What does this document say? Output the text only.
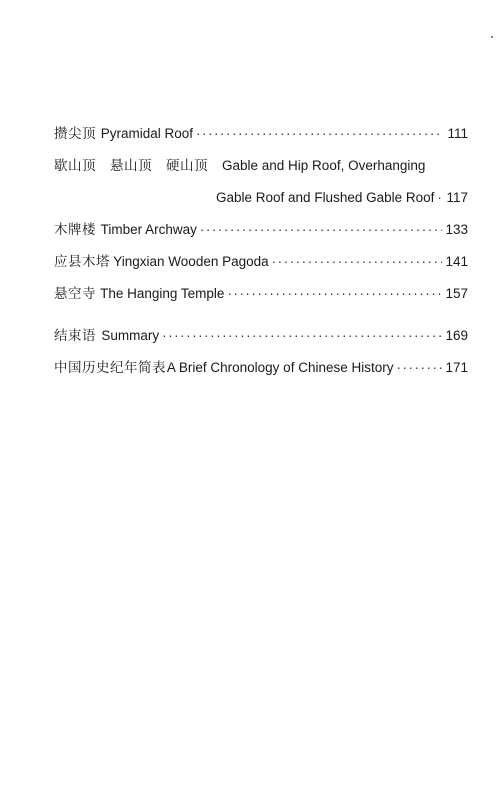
攒尖顶 Pyramidal Roof ·····	111
歇山顶　悬山顶　硬山顶 Gable and Hip Roof, Overhanging
Gable Roof and Flushed Gable Roof ····· 117
木牌楼 Timber Archway ·····	133
应县木塔 Yingxian Wooden Pagoda ·····	141
悬空寺 The Hanging Temple ·····	157
结束语 Summary ·····	169
中国历史纪年简表 A Brief Chronology of Chinese History ·····	171
